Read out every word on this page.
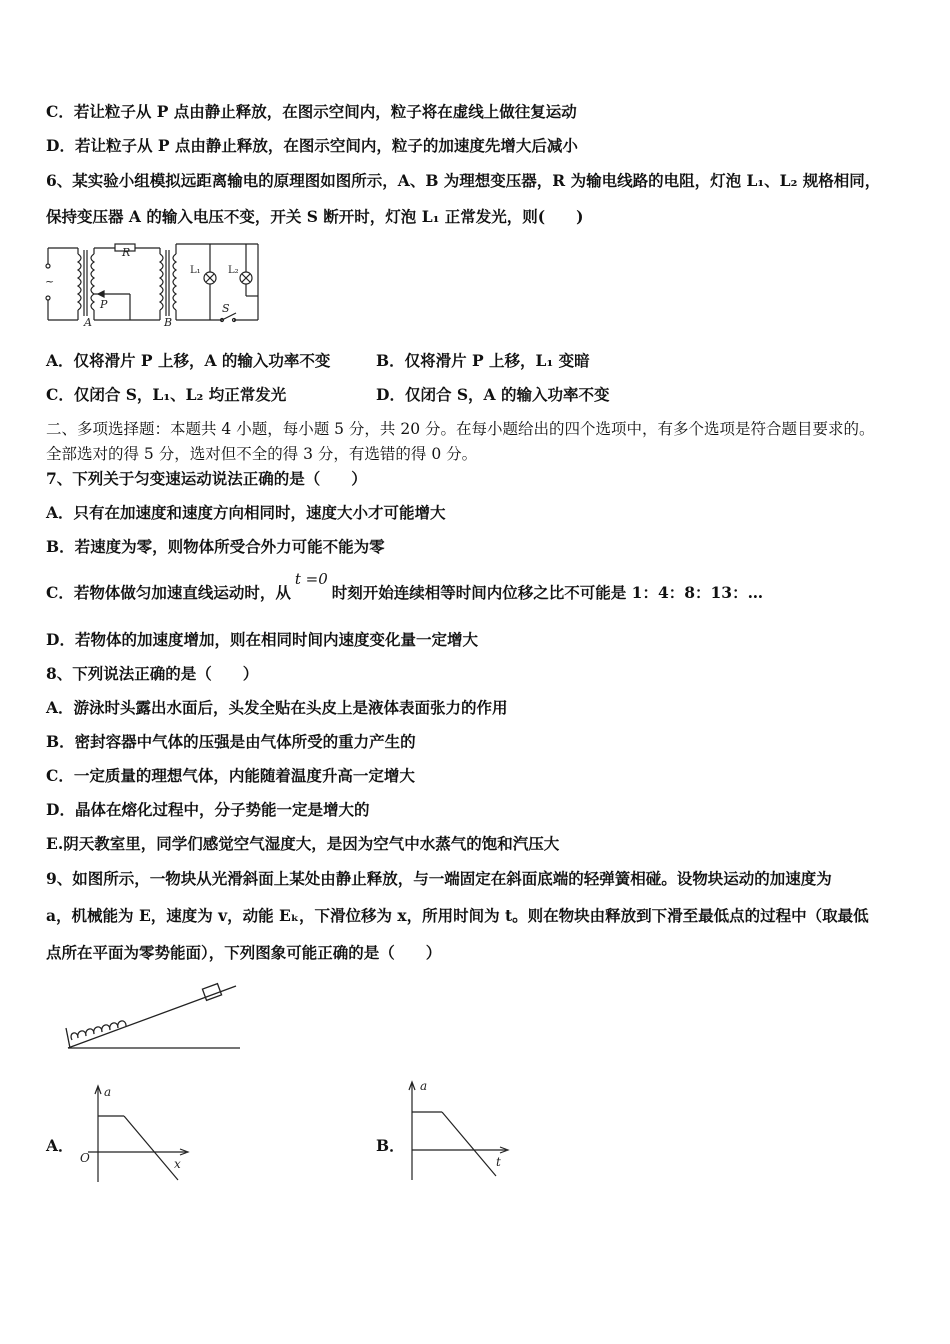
C．若让粒子从 P 点由静止释放，在图示空间内，粒子将在虚线上做往复运动
D．若让粒子从 P 点由静止释放，在图示空间内，粒子的加速度先增大后减小
6、某实验小组模拟远距离输电的原理图如图所示，A、B 为理想变压器，R 为输电线路的电阻，灯泡 L₁、L₂ 规格相同，
保持变压器 A 的输入电压不变，开关 S 断开时，灯泡 L₁ 正常发光，则(　　)
~
R
P
A	B
L₁	L₂
S
A．仅将滑片 P 上移，A 的输入功率不变	B．仅将滑片 P 上移，L₁ 变暗
C．仅闭合 S，L₁、L₂ 均正常发光	D．仅闭合 S，A 的输入功率不变
二、多项选择题：本题共 4 小题，每小题 5 分，共 20 分。在每小题给出的四个选项中，有多个选项是符合题目要求的。
全部选对的得 5 分，选对但不全的得 3 分，有选错的得 0 分。
7、下列关于匀变速运动说法正确的是（　　）
A．只有在加速度和速度方向相同时，速度大小才可能增大
B．若速度为零，则物体所受合外力可能不能为零
C．若物体做匀加速直线运动时，从t =0时刻开始连续相等时间内位移之比不可能是 1：4：8：13：…
D．若物体的加速度增加，则在相同时间内速度变化量一定增大
8、下列说法正确的是（　　）
A．游泳时头露出水面后，头发全贴在头皮上是液体表面张力的作用
B．密封容器中气体的压强是由气体所受的重力产生的
C．一定质量的理想气体，内能随着温度升高一定增大
D．晶体在熔化过程中，分子势能一定是增大的
E.阴天教室里，同学们感觉空气湿度大，是因为空气中水蒸气的饱和汽压大
9、如图所示，一物块从光滑斜面上某处由静止释放，与一端固定在斜面底端的轻弹簧相碰。设物块运动的加速度为
a，机械能为 E，速度为 v，动能 Eₖ，下滑位移为 x，所用时间为 t。则在物块由释放到下滑至最低点的过程中（取最低
点所在平面为零势能面），下列图象可能正确的是（　　）
A．
a
x
O
B．
a
t
